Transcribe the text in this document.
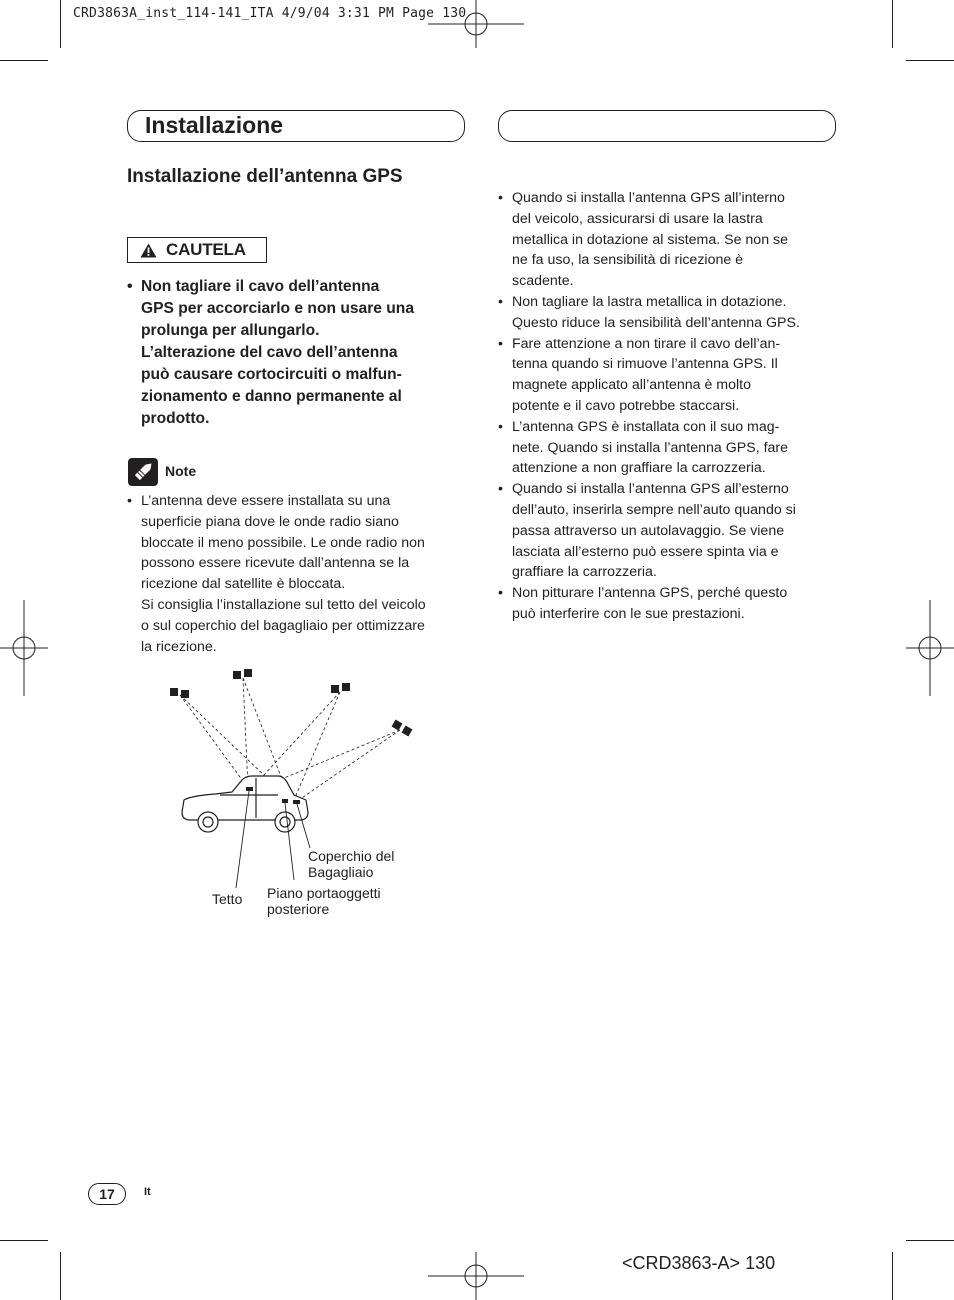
CRD3863A_inst_114-141_ITA 4/9/04 3:31 PM Page 130
Installazione
Installazione dell’antenna GPS
CAUTELA
• Non tagliare il cavo dell’antenna
GPS per accorciarlo e non usare una
prolunga per allungarlo.
L’alterazione del cavo dell’antenna
può causare cortocircuiti o malfun-
zionamento e danno permanente al
prodotto.
Note
• L’antenna deve essere installata su una
superficie piana dove le onde radio siano
bloccate il meno possibile. Le onde radio non
possono essere ricevute dall’antenna se la
ricezione dal satellite è bloccata.
Si consiglia l’installazione sul tetto del veicolo
o sul coperchio del bagagliaio per ottimizzare
la ricezione.
Coperchio del
Bagagliaio
Tetto Piano portaoggetti
posteriore
• Quando si installa l’antenna GPS all’interno
del veicolo, assicurarsi di usare la lastra
metallica in dotazione al sistema. Se non se
ne fa uso, la sensibilità di ricezione è
scadente.
• Non tagliare la lastra metallica in dotazione.
Questo riduce la sensibilità dell’antenna GPS.
• Fare attenzione a non tirare il cavo dell’an-
tenna quando si rimuove l’antenna GPS. Il
magnete applicato all’antenna è molto
potente e il cavo potrebbe staccarsi.
• L’antenna GPS è installata con il suo mag-
nete. Quando si installa l’antenna GPS, fare
attenzione a non graffiare la carrozzeria.
• Quando si installa l’antenna GPS all’esterno
dell’auto, inserirla sempre nell’auto quando si
passa attraverso un autolavaggio. Se viene
lasciata all’esterno può essere spinta via e
graffiare la carrozzeria.
• Non pitturare l’antenna GPS, perché questo
può interferire con le sue prestazioni.
17	It
<CRD3863-A> 130
